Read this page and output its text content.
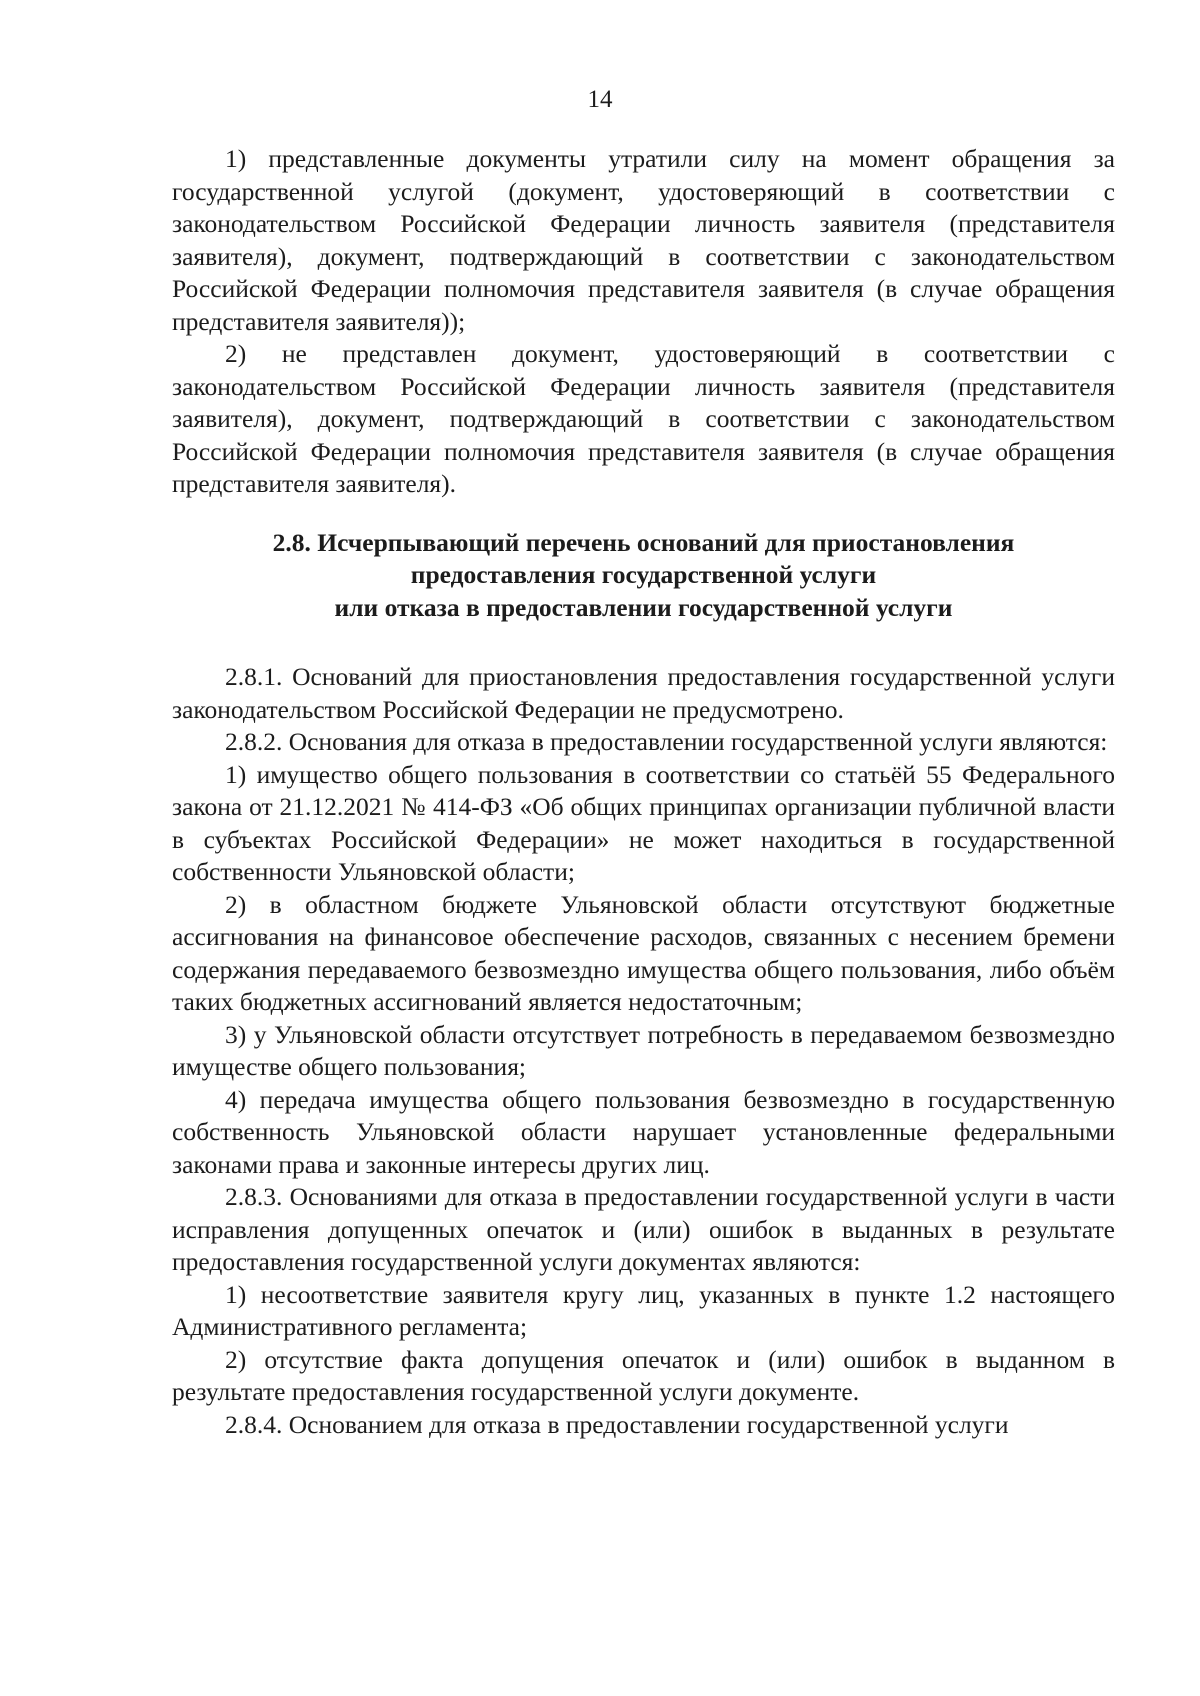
14

1) представленные документы утратили силу на момент обращения за государственной услугой (документ, удостоверяющий в соответствии с законодательством Российской Федерации личность заявителя (представителя заявителя), документ, подтверждающий в соответствии с законодательством Российской Федерации полномочия представителя заявителя (в случае обращения представителя заявителя));

2) не представлен документ, удостоверяющий в соответствии с законодательством Российской Федерации личность заявителя (представителя заявителя), документ, подтверждающий в соответствии с законодательством Российской Федерации полномочия представителя заявителя (в случае обращения представителя заявителя).

2.8. Исчерпывающий перечень оснований для приостановления
предоставления государственной услуги
или отказа в предоставлении государственной услуги

2.8.1. Оснований для приостановления предоставления государственной услуги законодательством Российской Федерации не предусмотрено.

2.8.2. Основания для отказа в предоставлении государственной услуги являются:

1) имущество общего пользования в соответствии со статьёй 55 Федерального закона от 21.12.2021 № 414-ФЗ «Об общих принципах организации публичной власти в субъектах Российской Федерации» не может находиться в государственной собственности Ульяновской области;

2) в областном бюджете Ульяновской области отсутствуют бюджетные ассигнования на финансовое обеспечение расходов, связанных с несением бремени содержания передаваемого безвозмездно имущества общего пользования, либо объём таких бюджетных ассигнований является недостаточным;

3) у Ульяновской области отсутствует потребность в передаваемом безвозмездно имуществе общего пользования;

4) передача имущества общего пользования безвозмездно в государственную собственность Ульяновской области нарушает установленные федеральными законами права и законные интересы других лиц.

2.8.3. Основаниями для отказа в предоставлении государственной услуги в части исправления допущенных опечаток и (или) ошибок в выданных в результате предоставления государственной услуги документах являются:

1) несоответствие заявителя кругу лиц, указанных в пункте 1.2 настоящего Административного регламента;

2) отсутствие факта допущения опечаток и (или) ошибок в выданном в результате предоставления государственной услуги документе.

2.8.4. Основанием для отказа в предоставлении государственной услуги
